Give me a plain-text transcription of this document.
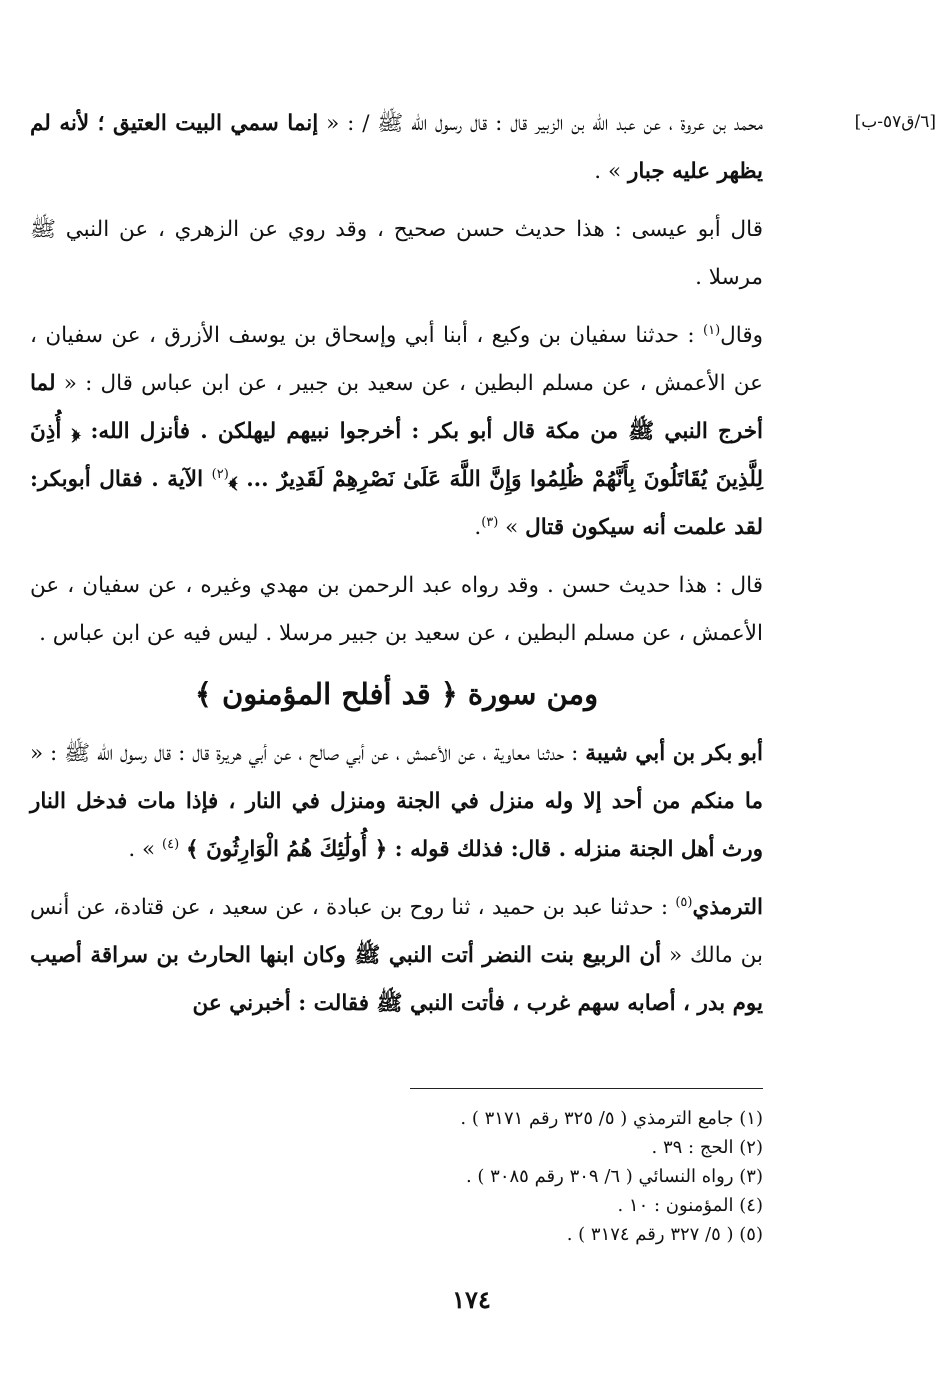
[٦/ق٥٧-ب]

محمد بن عروة ، عن عبد الله بن الزبير قال : قال رسول الله ﷺ / : « إنما سمي البيت العتيق ؛ لأنه لم يظهر عليه جبار » .

قال أبو عيسى : هذا حديث حسن صحيح ، وقد روي عن الزهري ، عن النبي ﷺ مرسلا .

وقال$^{(١)}$ : حدثنا سفيان بن وكيع ، أبنا أبي وإسحاق بن يوسف الأزرق ، عن سفيان ، عن الأعمش ، عن مسلم البطين ، عن سعيد بن جبير ، عن ابن عباس قال : « لما أخرج النبي ﷺ من مكة قال أبو بكر : أخرجوا نبيهم ليهلكن . فأنزل الله: ﴿ أُذِنَ لِلَّذِينَ يُقَاتَلُونَ بِأَنَّهُمْ ظُلِمُوا وَإِنَّ اللَّهَ عَلَىٰ نَصْرِهِمْ لَقَدِيرٌ ... ﴾$^{(٢)}$ الآية . فقال أبوبكر: لقد علمت أنه سيكون قتال » $^{(٣)}$.

قال : هذا حديث حسن . وقد رواه عبد الرحمن بن مهدي وغيره ، عن سفيان ، عن الأعمش ، عن مسلم البطين ، عن سعيد بن جبير مرسلا . ليس فيه عن ابن عباس .

ومن سورة ﴿ قد أفلح المؤمنون ﴾

أبو بكر بن أبي شيبة : حدثنا معاوية ، عن الأعمش ، عن أبي صالح ، عن أبي هريرة قال : قال رسول الله ﷺ : « ما منكم من أحد إلا وله منزل في الجنة ومنزل في النار ، فإذا مات فدخل النار ورث أهل الجنة منزله . قال: فذلك قوله : ﴿ أُولَٰئِكَ هُمُ الْوَارِثُونَ ﴾ $^{(٤)}$ » .

الترمذي$^{(٥)}$ : حدثنا عبد بن حميد ، ثنا روح بن عبادة ، عن سعيد ، عن قتادة، عن أنس بن مالك « أن الربيع بنت النضر أتت النبي ﷺ وكان ابنها الحارث بن سراقة أصيب يوم بدر ، أصابه سهم غرب ، فأتت النبي ﷺ فقالت : أخبرني عن

(١) جامع الترمذي ( ٥/ ٣٢٥ رقم ٣١٧١ ) .

(٢) الحج : ٣٩ .

(٣) رواه النسائي ( ٦/ ٣٠٩ رقم ٣٠٨٥ ) .

(٤) المؤمنون : ١٠ .

(٥) ( ٥/ ٣٢٧ رقم ٣١٧٤ ) .

١٧٤
